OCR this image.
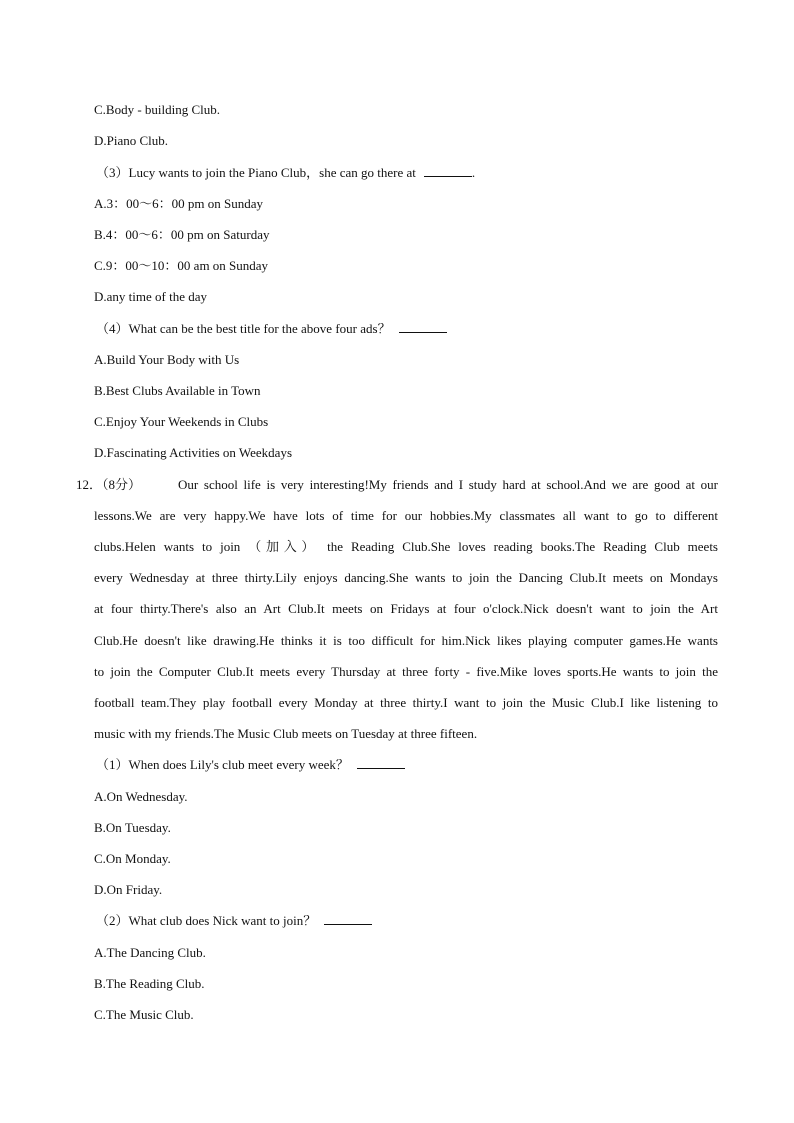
C.Body - building Club.
D.Piano Club.
（3）Lucy wants to join the Piano Club，she can go there at	.
A.3：00～6：00 pm on Sunday
B.4：00～6：00 pm on Saturday
C.9：00～10：00 am on Sunday
D.any time of the day
（4）What can be the best title for the above four ads？
A.Build Your Body with Us
B.Best Clubs Available in Town
C.Enjoy Your Weekends in Clubs
D.Fascinating Activities on Weekdays
12．（8分）	Our school life is very interesting!My friends and I study hard at school.And we are good at our
lessons.We are very happy.We have lots of time for our hobbies.My classmates all want to go to different
clubs.Helen wants to join （加入） the Reading Club.She loves reading books.The Reading Club meets
every Wednesday at three thirty.Lily enjoys dancing.She wants to join the Dancing Club.It meets on Mondays
at four thirty.There's also an Art Club.It meets on Fridays at four o'clock.Nick doesn't want to join the Art
Club.He doesn't like drawing.He thinks it is too difficult for him.Nick likes playing computer games.He wants
to join the Computer Club.It meets every Thursday at three forty - five.Mike loves sports.He wants to join the
football team.They play football every Monday at three thirty.I want to join the Music Club.I like listening to
music with my friends.The Music Club meets on Tuesday at three fifteen.
（1）When does Lily's club meet every week？
A.On Wednesday.
B.On Tuesday.
C.On Monday.
D.On Friday.
（2）What club does Nick want to join？
A.The Dancing Club.
B.The Reading Club.
C.The Music Club.
